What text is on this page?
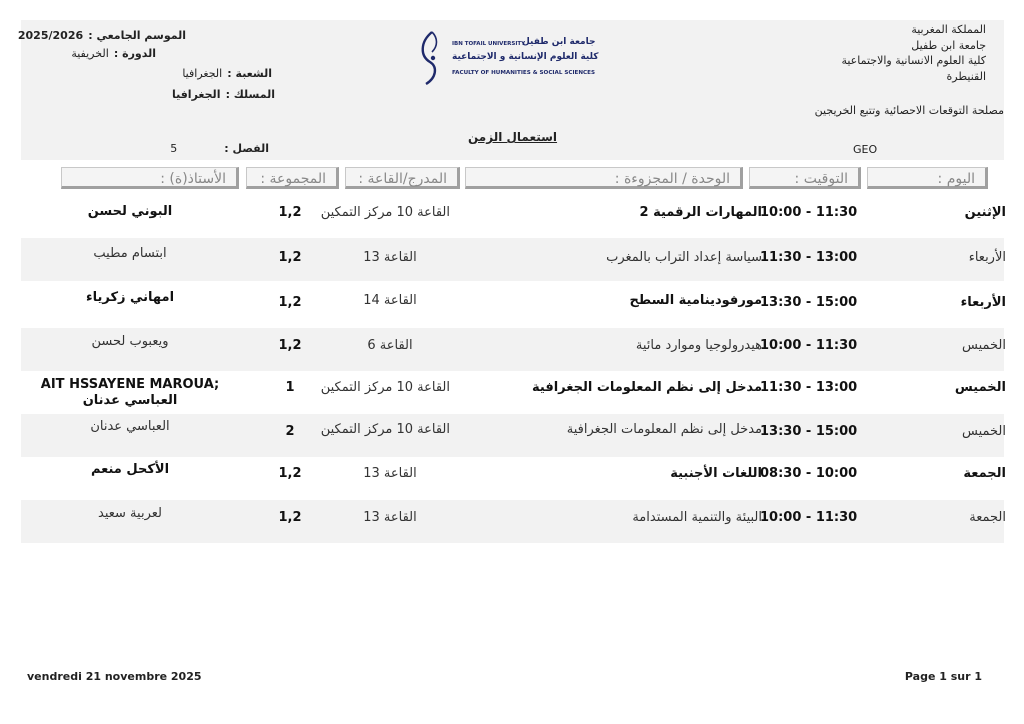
المملكة المغربية
جامعة ابن طفيل
كلية العلوم الانسانية والاجتماعية
القنيطرة
مصلحة التوقعات الاحصائية وتتبع الخريجين
GEO
الموسم الجامعي : 2025/2026
الدورة : الخريفية
الشعبة : الجغرافيا
المسلك : الجغرافيا
الفصل : 5
استعمال الزمن
IBN TOFAIL UNIVERSITY
جامعة ابن طفيل
كلية العلوم الإنسانية و الاجتماعية
FACULTY OF HUMANITIES & SOCIAL SCIENCES
اليوم :
التوقيت :
الوحدة / المجزوءة :
المدرج/القاعة :
المجموعة :
الأستاذ(ة) :
الإثنين
10:00 - 11:30
المهارات الرقمية 2
القاعة 10 مركز التمكين
1,2
البوني لحسن
الأربعاء
11:30 - 13:00
سياسة إعداد التراب بالمغرب
القاعة 13
1,2
ابتسام مطيب
الأربعاء
13:30 - 15:00
مورفودينامية السطح
القاعة 14
1,2
امهاني زكرياء
الخميس
10:00 - 11:30
هيدرولوجيا وموارد مائية
القاعة 6
1,2
ويعبوب لحسن
الخميس
11:30 - 13:00
مدخل إلى نظم المعلومات الجغرافية
القاعة 10 مركز التمكين
1
AIT HSSAYENE MAROUA;
العباسي عدنان
الخميس
13:30 - 15:00
مدخل إلى نظم المعلومات الجغرافية
القاعة 10 مركز التمكين
2
العباسي عدنان
الجمعة
08:30 - 10:00
اللغات الأجنبية
القاعة 13
1,2
الأكحل منعم
الجمعة
10:00 - 11:30
البيئة والتنمية المستدامة
القاعة 13
1,2
لعربية سعيد
vendredi 21 novembre 2025	Page 1 sur 1
